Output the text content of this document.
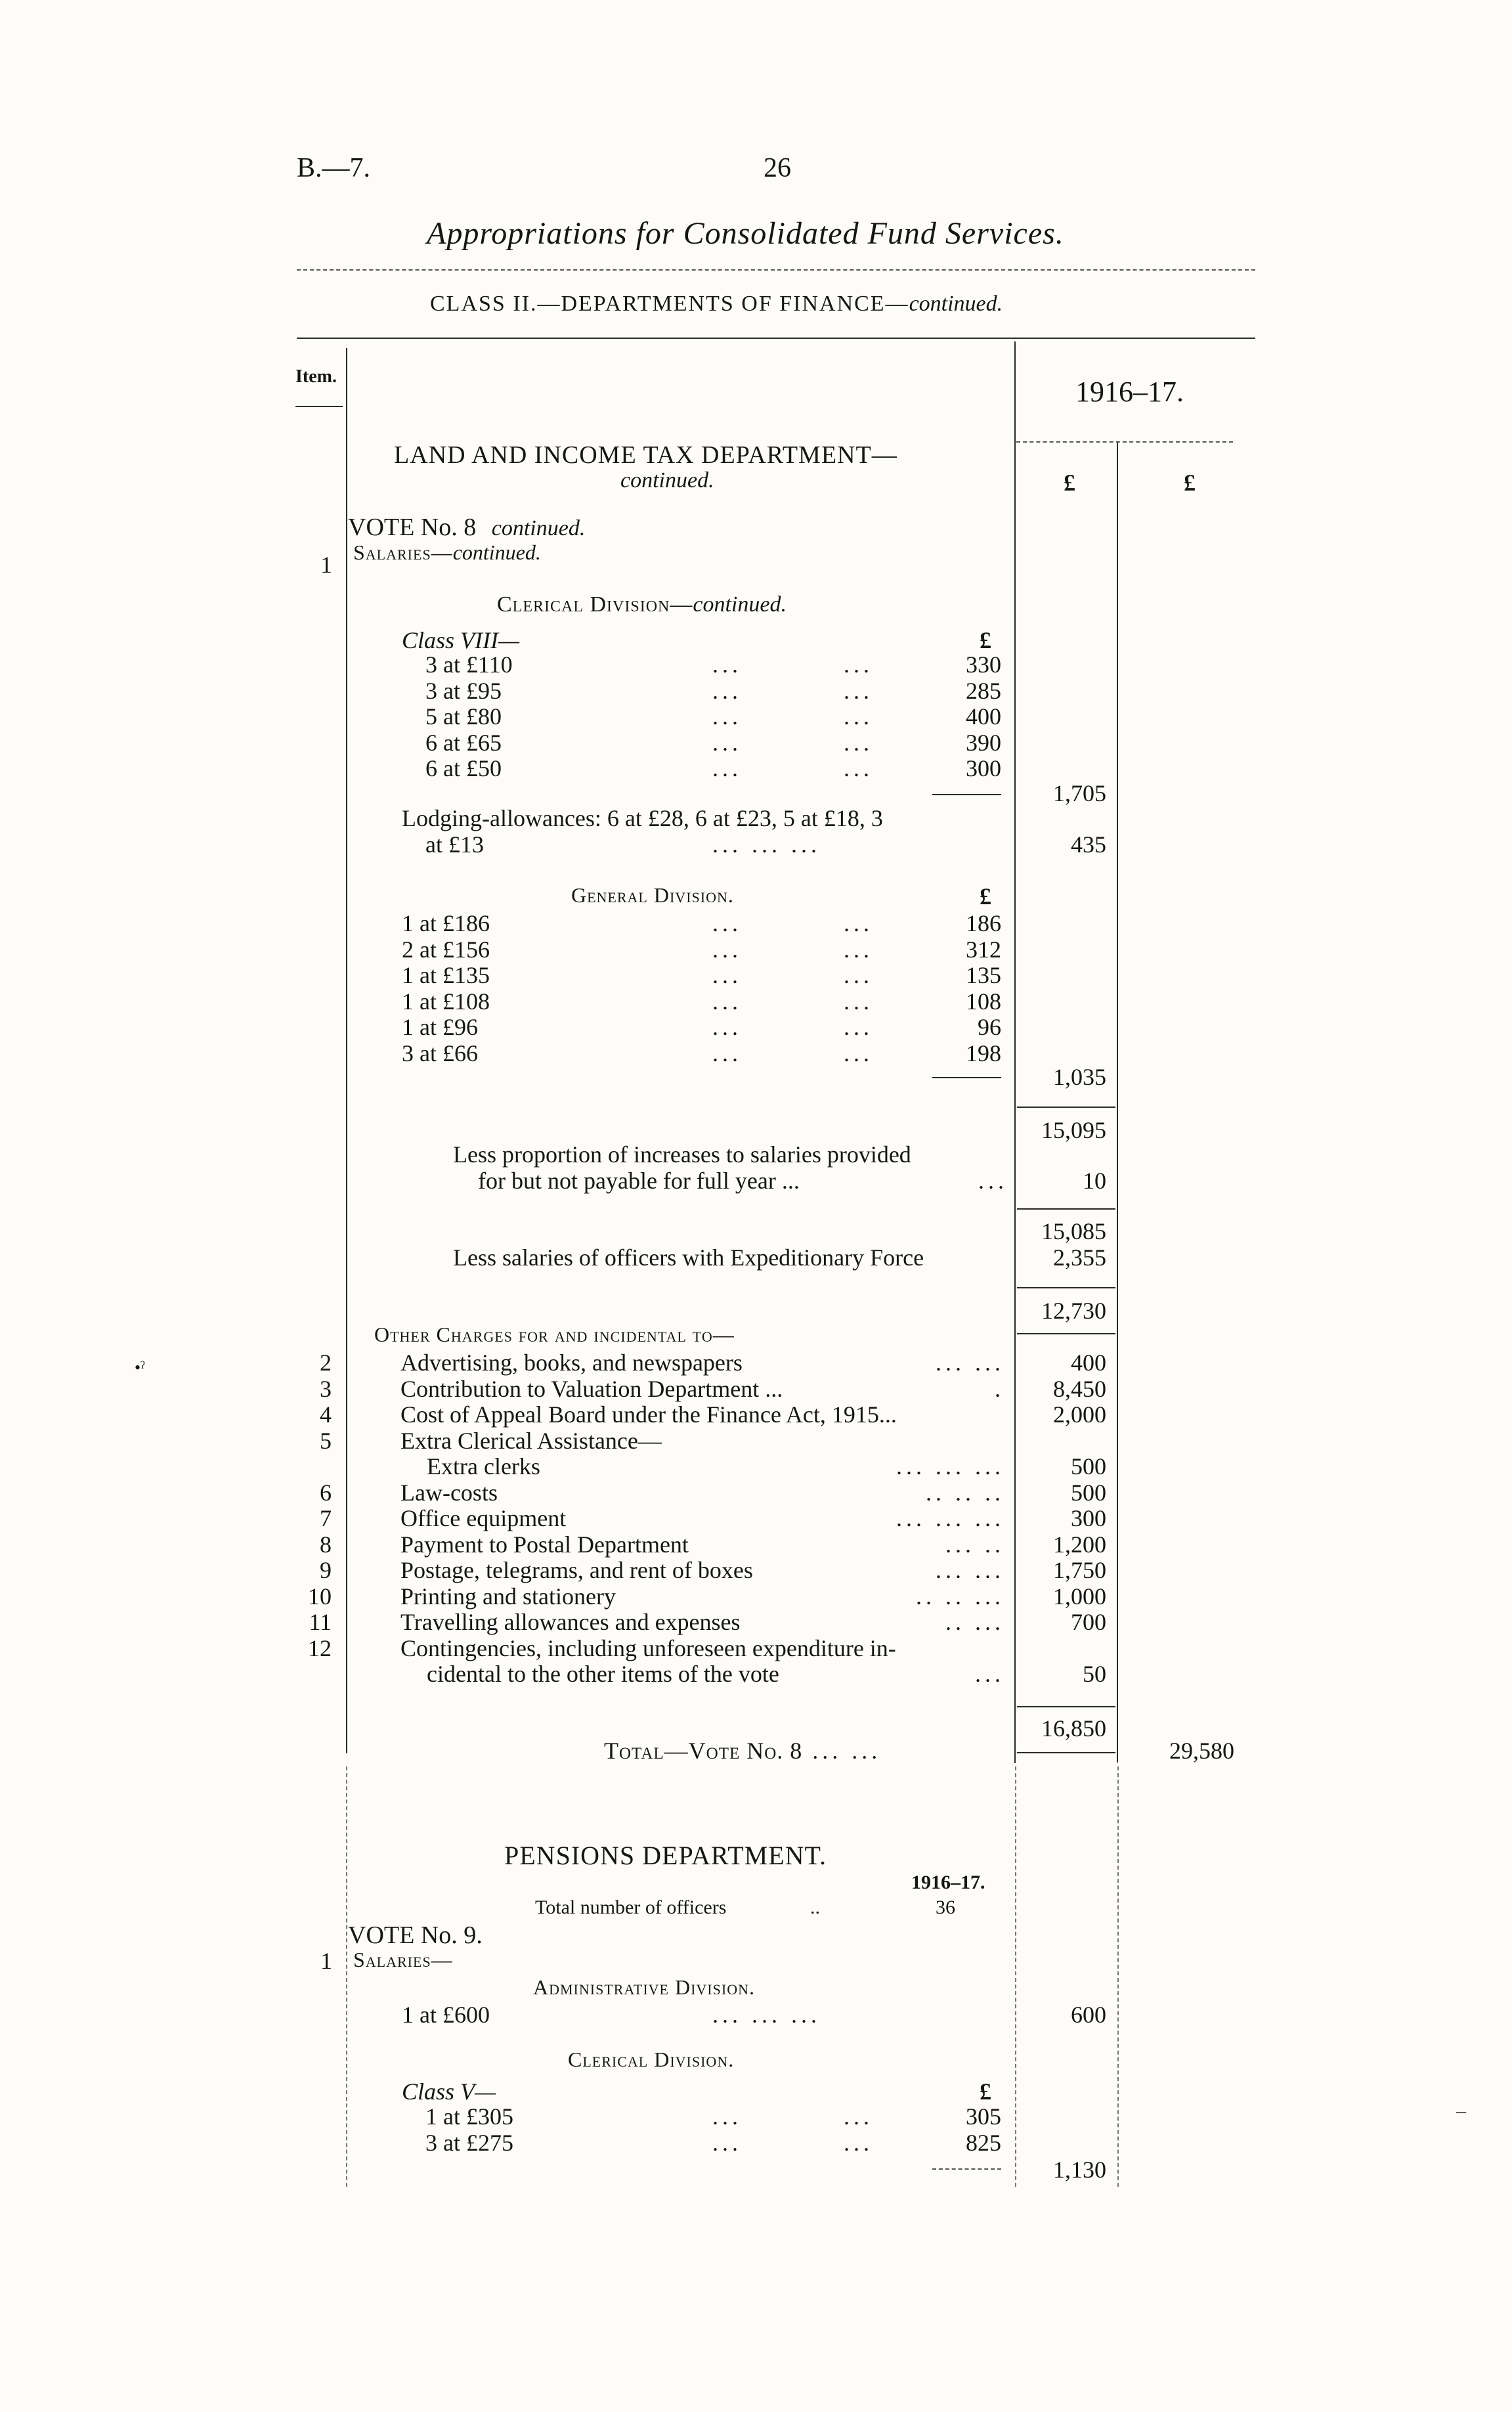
B.—7.	26
Appropriations for Consolidated Fund Services.
CLASS II.—DEPARTMENTS OF FINANCE—continued.
Item.	1916–17.
£	£
LAND AND INCOME TAX DEPARTMENT—
continued.
VOTE No. 8 continued.
1 Salaries—continued.
Clerical Division—continued.
Class VIII—	£
3 at £110	...	...	330
3 at £95	...	...	285
5 at £80	...	...	400
6 at £65	...	...	390
6 at £50	...	...	300
1,705
Lodging-allowances: 6 at £28, 6 at £23, 5 at £18, 3
at £13	... ... ...	435
General Division.	£
1 at £186	...	...	186
2 at £156	...	...	312
1 at £135	...	...	135
1 at £108	...	...	108
1 at £96	...	...	96
3 at £66	...	...	198
1,035
15,095
Less proportion of increases to salaries provided
for but not payable for full year ...	...	10
15,085
Less salaries of officers with Expeditionary Force	2,355
12,730
Other Charges for and incidental to—
2	Advertising, books, and newspapers	... ...	400
3	Contribution to Valuation Department ...	.	8,450
4	Cost of Appeal Board under the Finance Act, 1915...	2,000
5	Extra Clerical Assistance—
Extra clerks	... ... ...	500
6	Law-costs	.. .. ..	500
7	Office equipment	... ... ...	300
8	Payment to Postal Department	... ..	1,200
9	Postage, telegrams, and rent of boxes	... ...	1,750
10	Printing and stationery	.. .. ...	1,000
11	Travelling allowances and expenses	.. ...	700
12	Contingencies, including unforeseen expenditure in-
cidental to the other items of the vote	...	50
16,850
Total—Vote No. 8 ... ...	29,580
PENSIONS DEPARTMENT.
1916–17.
Total number of officers	..	36
VOTE No. 9.
1 Salaries—
Administrative Division.
1 at £600	... ... ...	600
Clerical Division.
Class V—	£
1 at £305	...	...	305
3 at £275	...	...	825
1,130
•ˀ
–
